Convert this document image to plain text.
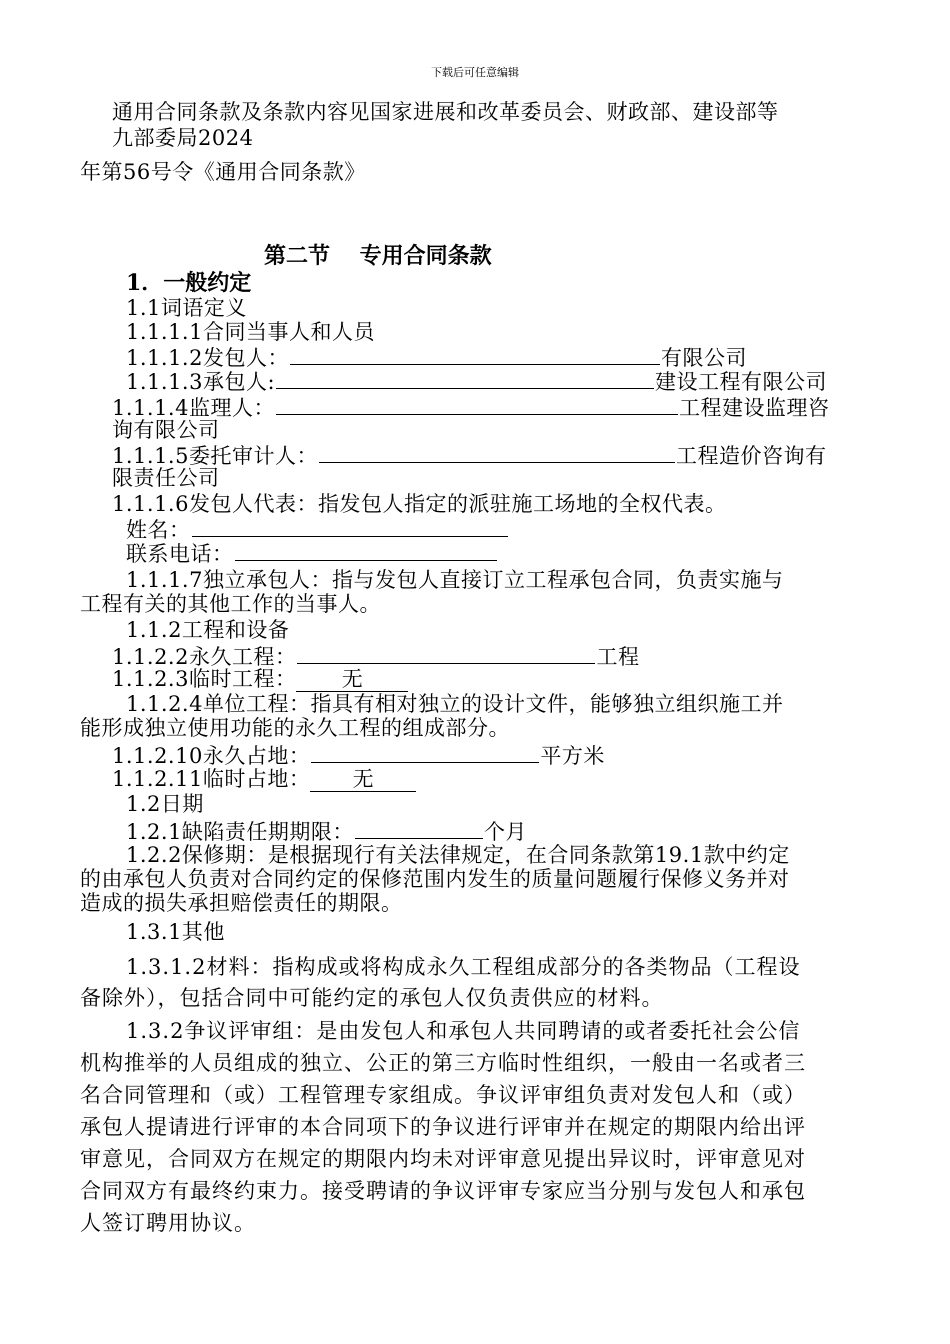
下载后可任意编辑
通用合同条款及条款内容见国家进展和改革委员会、财政部、建设部等
九部委局2024
年第56号令《通用合同条款》
第二节　 专用合同条款
1．一般约定
1.1词语定义
1.1.1.1合同当事人和人员
1.1.1.2发包人：	有限公司
1.1.1.3承包人:	建设工程有限公司
1.1.1.4监理人：	工程建设监理咨
询有限公司
1.1.1.5委托审计人：	工程造价咨询有
限责任公司
1.1.1.6发包人代表：指发包人指定的派驻施工场地的全权代表。
姓名：
联系电话：
1.1.1.7独立承包人：指与发包人直接订立工程承包合同，负责实施与
工程有关的其他工作的当事人。
1.1.2工程和设备
1.1.2.2永久工程：	工程
1.1.2.3临时工程： 无
1.1.2.4单位工程：指具有相对独立的设计文件，能够独立组织施工并
能形成独立使用功能的永久工程的组成部分。
1.1.2.10永久占地：	平方米
1.1.2.11临时占地： 无
1.2日期
1.2.1缺陷责任期期限：	个月
1.2.2保修期：是根据现行有关法律规定，在合同条款第19.1款中约定
的由承包人负责对合同约定的保修范围内发生的质量问题履行保修义务并对
造成的损失承担赔偿责任的期限。
1.3.1其他
1.3.1.2材料：指构成或将构成永久工程组成部分的各类物品（工程设
备除外），包括合同中可能约定的承包人仅负责供应的材料。
1.3.2争议评审组：是由发包人和承包人共同聘请的或者委托社会公信
机构推举的人员组成的独立、公正的第三方临时性组织，一般由一名或者三
名合同管理和（或）工程管理专家组成。争议评审组负责对发包人和（或）
承包人提请进行评审的本合同项下的争议进行评审并在规定的期限内给出评
审意见，合同双方在规定的期限内均未对评审意见提出异议时，评审意见对
合同双方有最终约束力。接受聘请的争议评审专家应当分别与发包人和承包
人签订聘用协议。
